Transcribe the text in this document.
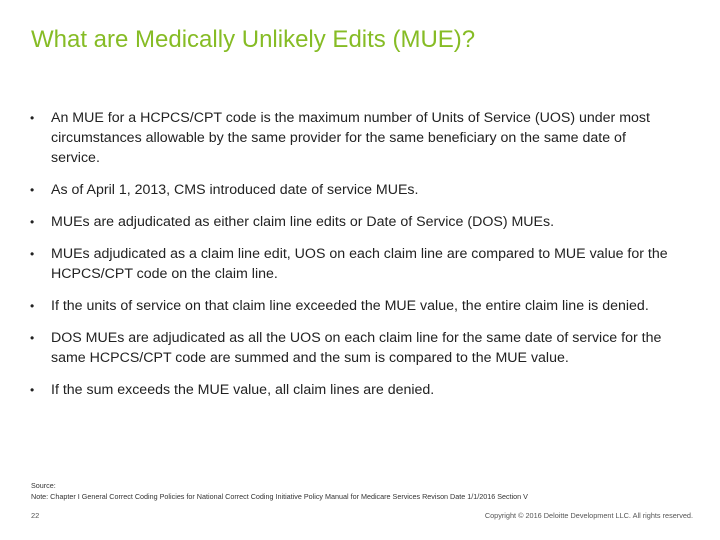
What are Medically Unlikely Edits (MUE)?
•	An MUE for a HCPCS/CPT code is the maximum number of Units of Service (UOS) under most circumstances allowable by the same provider for the same beneficiary on the same date of service.
•	As of April 1, 2013, CMS introduced date of service MUEs.
•	MUEs are adjudicated as either claim line edits or Date of Service (DOS) MUEs.
•	MUEs adjudicated as a claim line edit, UOS on each claim line are compared to MUE value for the HCPCS/CPT code on the claim line.
•	If the units of service on that claim line exceeded the MUE value, the entire claim line is denied.
•	DOS MUEs are adjudicated as all the UOS on each claim line for the same date of service for the same HCPCS/CPT code are summed and the sum is compared to the MUE value.
•	If the sum exceeds the MUE value, all claim lines are denied.
Source:
Note: Chapter I General Correct Coding Policies for National Correct Coding Initiative Policy Manual for Medicare Services Revison Date 1/1/2016 Section V
22	Copyright © 2016 Deloitte Development LLC. All rights reserved.
